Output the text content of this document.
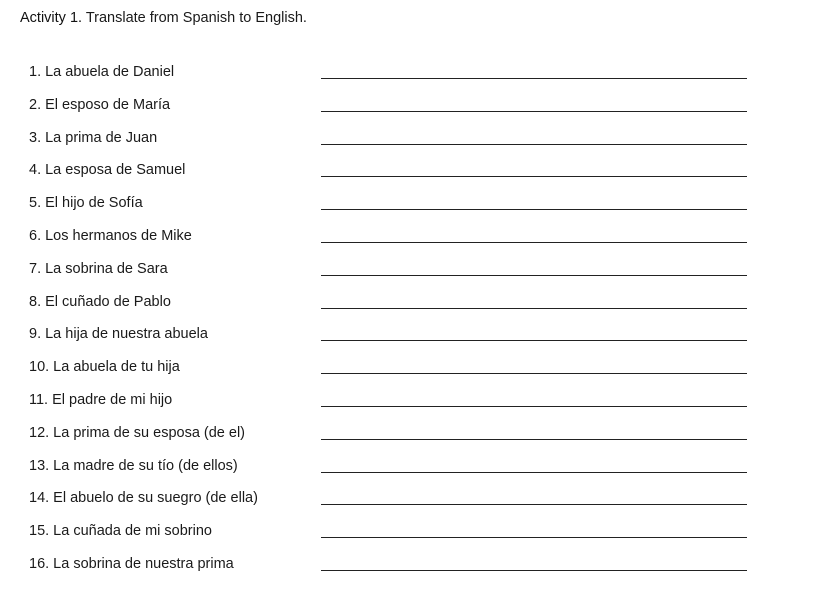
Activity 1. Translate from Spanish to English.
1. La abuela de Daniel
2. El esposo de María
3. La prima de Juan
4. La esposa de Samuel
5. El hijo de Sofía
6. Los hermanos de Mike
7. La sobrina de Sara
8. El cuñado de Pablo
9. La hija de nuestra abuela
10. La abuela de tu hija
11. El padre de mi hijo
12. La prima de su esposa (de el)
13. La madre de su tío (de ellos)
14. El abuelo de su suegro (de ella)
15. La cuñada de mi sobrino
16. La sobrina de nuestra prima
